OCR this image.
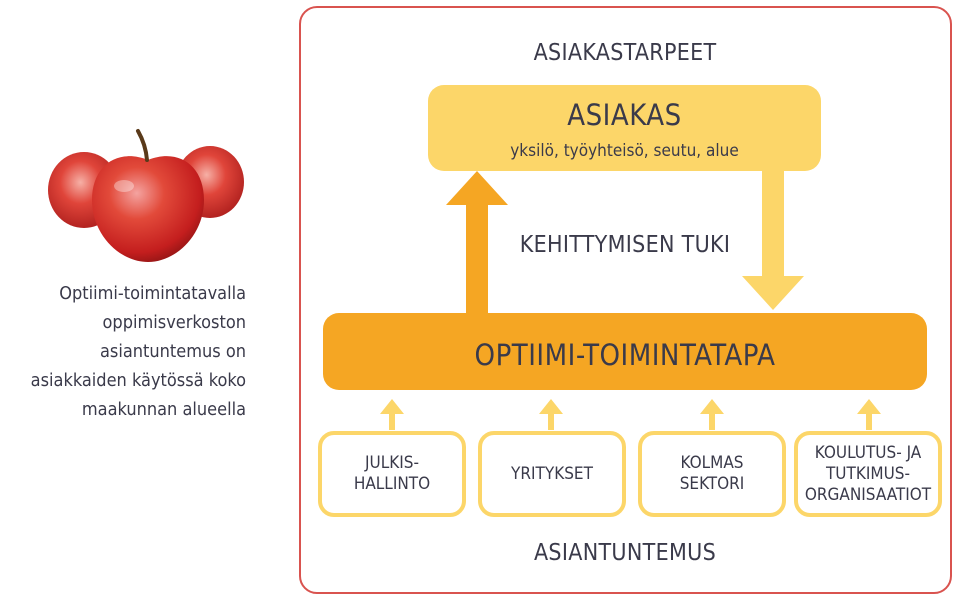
Optiimi-toimintatavalla
oppimisverkoston
asiantuntemus on
asiakkaiden käytössä koko
maakunnan alueella
ASIAKASTARPEET
ASIAKAS
yksilö, työyhteisö, seutu, alue
KEHITTYMISEN TUKI
OPTIIMI-TOIMINTATAPA
JULKIS-
HALLINTO
YRITYKSET
KOLMAS
SEKTORI
KOULUTUS- JA
TUTKIMUS-
ORGANISAATIOT
ASIANTUNTEMUS
